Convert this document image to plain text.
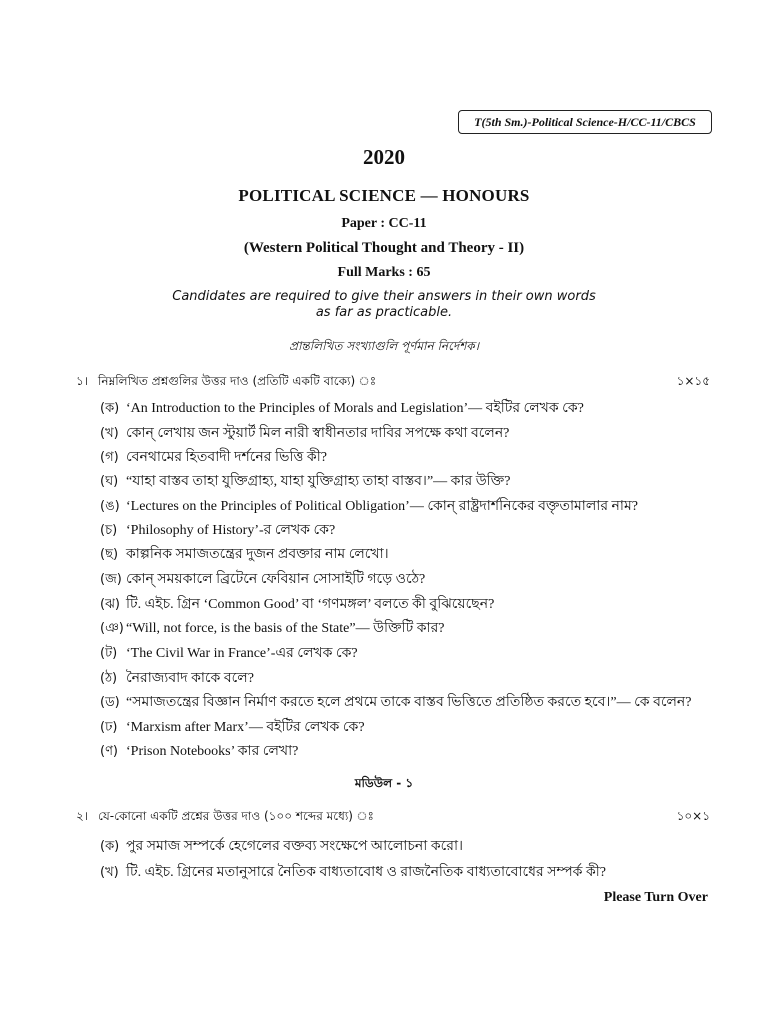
T(5th Sm.)-Political Science-H/CC-11/CBCS
2020
POLITICAL SCIENCE — HONOURS
Paper : CC-11
(Western Political Thought and Theory - II)
Full Marks : 65
Candidates are required to give their answers in their own words
as far as practicable.
প্রান্তলিখিত সংখ্যাগুলি পূর্ণমান নির্দেশক।
১। নিম্নলিখিত প্রশ্নগুলির উত্তর দাও (প্রতিটি একটি বাক্যে) ঃ	১×১৫
(ক) ‘An Introduction to the Principles of Morals and Legislation’— বইটির লেখক কে?
(খ) কোন্‌ লেখায় জন স্টুয়ার্ট মিল নারী স্বাধীনতার দাবির সপক্ষে কথা বলেন?
(গ) বেনথামের হিতবাদী দর্শনের ভিত্তি কী?
(ঘ) “যাহা বাস্তব তাহা যুক্তিগ্রাহ্য, যাহা যুক্তিগ্রাহ্য তাহা বাস্তব।”— কার উক্তি?
(ঙ) ‘Lectures on the Principles of Political Obligation’— কোন্‌ রাষ্ট্রদার্শনিকের বক্তৃতামালার নাম?
(চ) ‘Philosophy of History’-র লেখক কে?
(ছ) কাল্পনিক সমাজতন্ত্রের দুজন প্রবক্তার নাম লেখো।
(জ) কোন্‌ সময়কালে ব্রিটেনে ফেবিয়ান সোসাইটি গড়ে ওঠে?
(ঝ) টি. এইচ. গ্রিন ‘Common Good’ বা ‘গণমঙ্গল’ বলতে কী বুঝিয়েছেন?
(ঞ) “Will, not force, is the basis of the State”— উক্তিটি কার?
(ট) ‘The Civil War in France’-এর লেখক কে?
(ঠ) নৈরাজ্যবাদ কাকে বলে?
(ড) “সমাজতন্ত্রের বিজ্ঞান নির্মাণ করতে হলে প্রথমে তাকে বাস্তব ভিত্তিতে প্রতিষ্ঠিত করতে হবে।”— কে বলেন?
(ঢ) ‘Marxism after Marx’— বইটির লেখক কে?
(ণ) ‘Prison Notebooks’ কার লেখা?
মডিউল - ১
২। যে-কোনো একটি প্রশ্নের উত্তর দাও (১০০ শব্দের মধ্যে) ঃ	১০×১
(ক) পুর সমাজ সম্পর্কে হেগেলের বক্তব্য সংক্ষেপে আলোচনা করো।
(খ) টি. এইচ. গ্রিনের মতানুসারে নৈতিক বাধ্যতাবোধ ও রাজনৈতিক বাধ্যতাবোধের সম্পর্ক কী?
Please Turn Over
